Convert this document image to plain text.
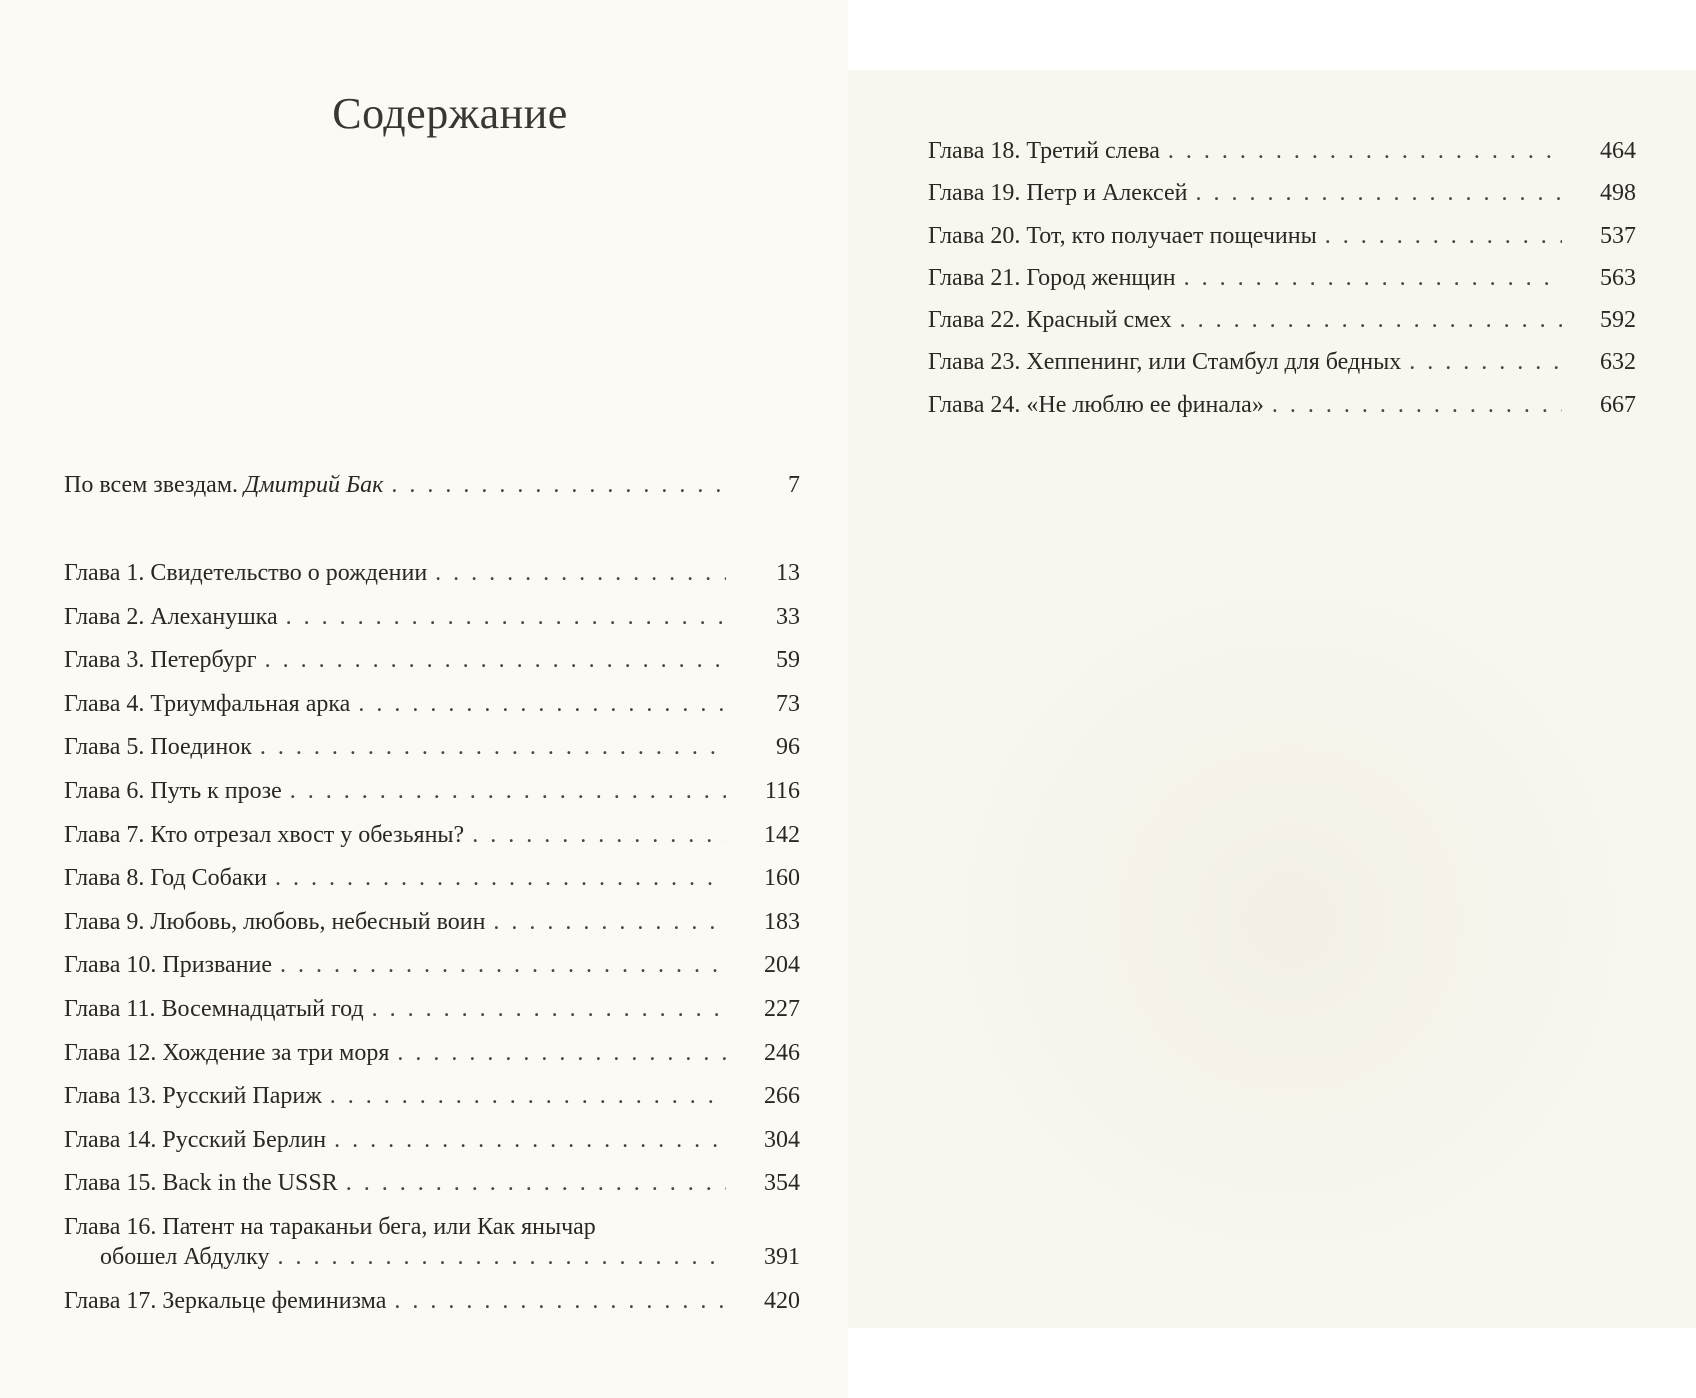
Содержание
По всем звездам. Дмитрий Бак . . .	7
Глава 1. Свидетельство о рождении . . .	13
Глава 2. Алеханушка . . .	33
Глава 3. Петербург . . .	59
Глава 4. Триумфальная арка . . .	73
Глава 5. Поединок . . .	96
Глава 6. Путь к прозе . . .	116
Глава 7. Кто отрезал хвост у обезьяны? . . .	142
Глава 8. Год Собаки . . .	160
Глава 9. Любовь, любовь, небесный воин . . .	183
Глава 10. Призвание . . .	204
Глава 11. Восемнадцатый год . . .	227
Глава 12. Хождение за три моря . . .	246
Глава 13. Русский Париж . . .	266
Глава 14. Русский Берлин . . .	304
Глава 15. Back in the USSR . . .	354
Глава 16. Патент на тараканьи бега, или Как янычар
обошел Абдулку . . .	391
Глава 17. Зеркальце феминизма . . .	420
Глава 18. Третий слева . . .	464
Глава 19. Петр и Алексей . . .	498
Глава 20. Тот, кто получает пощечины . . .	537
Глава 21. Город женщин . . .	563
Глава 22. Красный смех . . .	592
Глава 23. Хеппенинг, или Стамбул для бедных . . .	632
Глава 24. «Не люблю ее финала» . . .	667
